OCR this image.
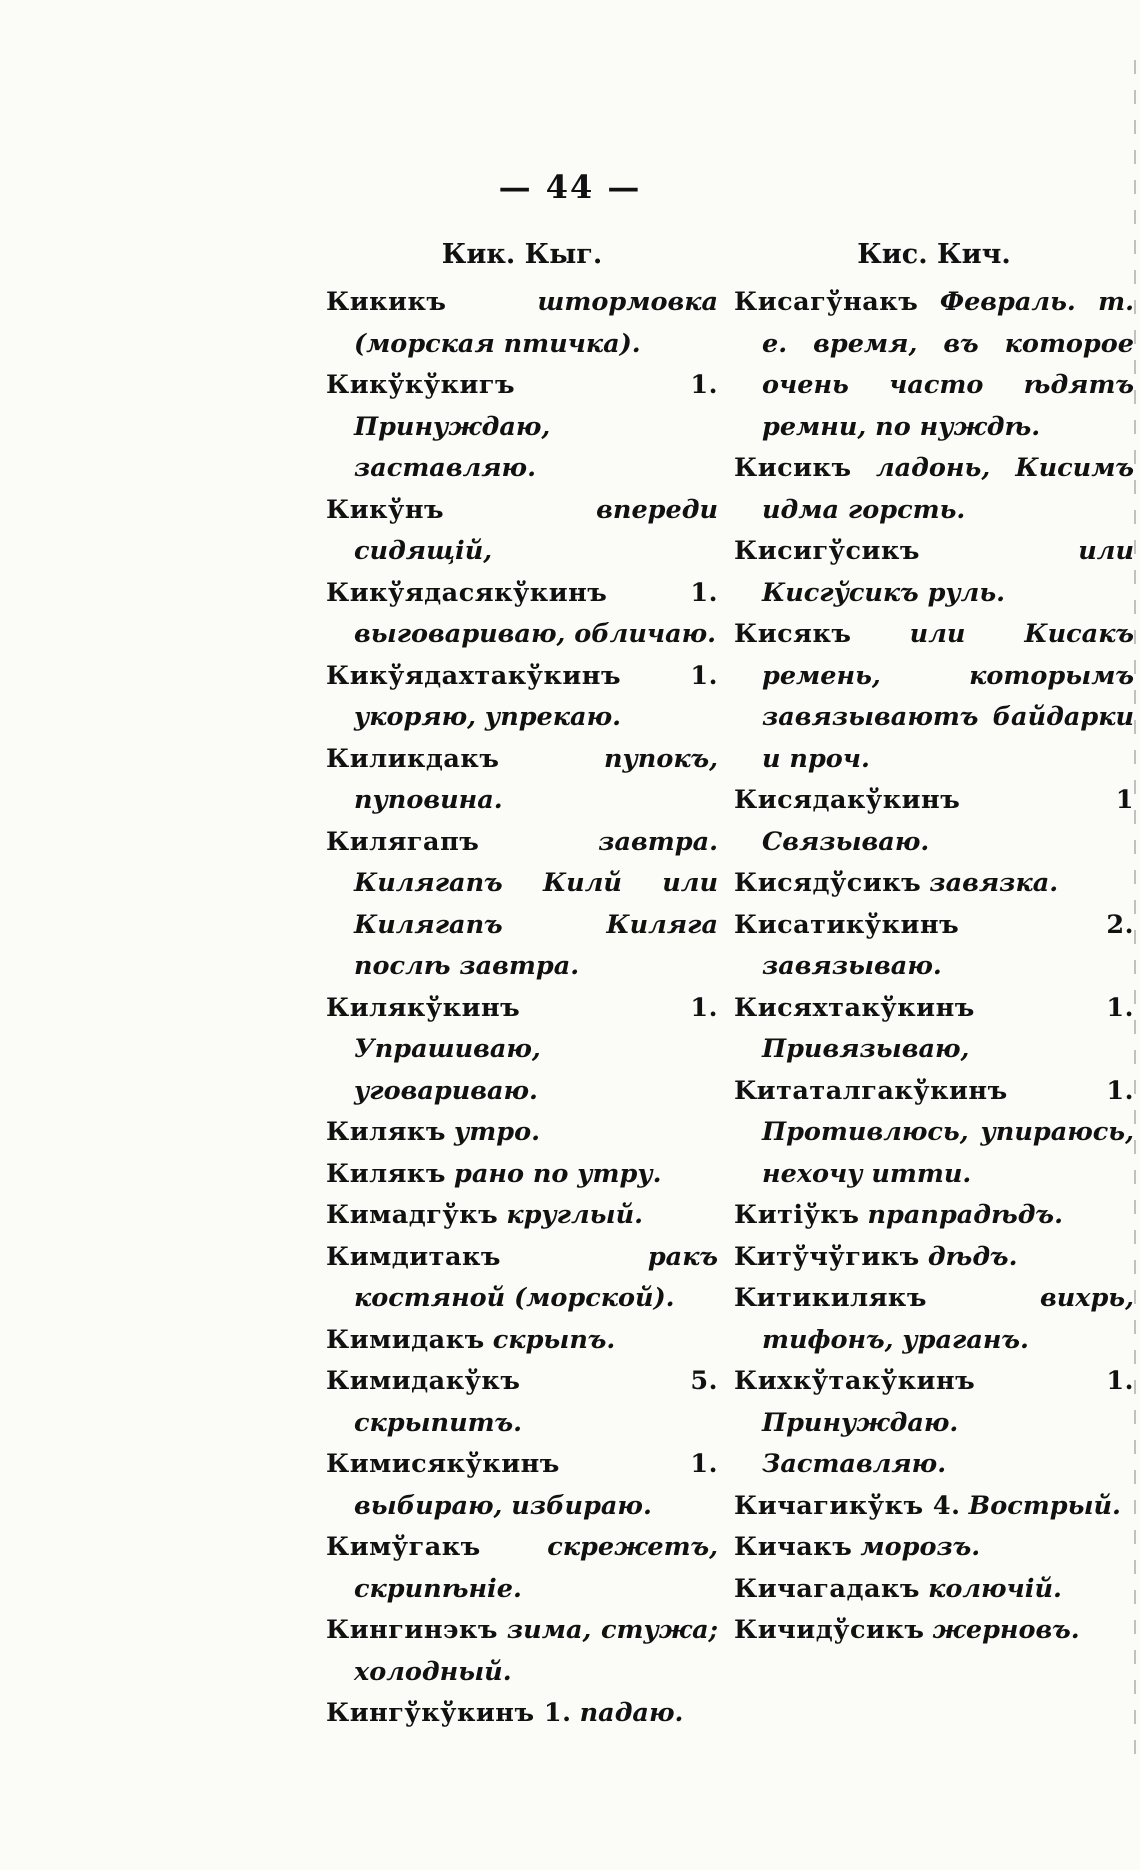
— 44 —
Кик. Кыг.

Кикикъ	штормовка (морская птичка).

Кикўкўкигъ 1. Принуждаю, заставляю.

Кикўнъ	впереди сидящій,

Кикўядасякўкинъ 1. выговариваю, обличаю.

Кикўядахтакўкинъ 1. укоряю, упрекаю.

Киликдакъ	пупокъ, пуповина.

Килягапъ	завтра. Килягапъ Килй или Килягапъ Киляга послѣ завтра.

Килякўкинъ 1. Упрашиваю, уговариваю.

Килякъ утро.

Килякъ рано по утру.

Кимадгўкъ круглый.

Кимдитакъ	ракъ костяной (морской).

Кимидакъ скрыпъ.

Кимидакўкъ 5. скрыпитъ.

Кимисякўкинъ 1. выбираю, избираю.

Кимўгакъ	скрежетъ, скрипѣніе.

Кингинэкъ зима, стужа; холодный.

Кингўкўкинъ 1. падаю.

Кис. Кич.

Кисагўнакъ Февраль. т. е. время, въ которое очень часто ѣдятъ ремни, по нуждѣ.

Кисикъ ладонь, Кисимъ идма горсть.

Кисигўсикъ	или Кисгўсикъ руль.

Кисякъ или Кисакъ ремень, которымъ завязываютъ байдарки и проч.

Кисядакўкинъ 1 Связываю.

Кисядўсикъ завязка.

Кисатикўкинъ 2. завязываю.

Кисяхтакўкинъ 1. Привязываю,

Kитаталгакўкинъ 1. Противлюсь, упираюсь, нехочу итти.

Китіўкъ прапрадѣдъ.

Kитўчўгикъ дѣдъ.

Kитикилякъ	вихрь, тифонъ, ураганъ.

Кихкўтакўкинъ 1. Принуждаю. Заставляю.

Кичагикўкъ 4. Вострый.

Кичакъ морозъ.

Кичагадакъ колючій.

Кичидўсикъ жерновъ.
